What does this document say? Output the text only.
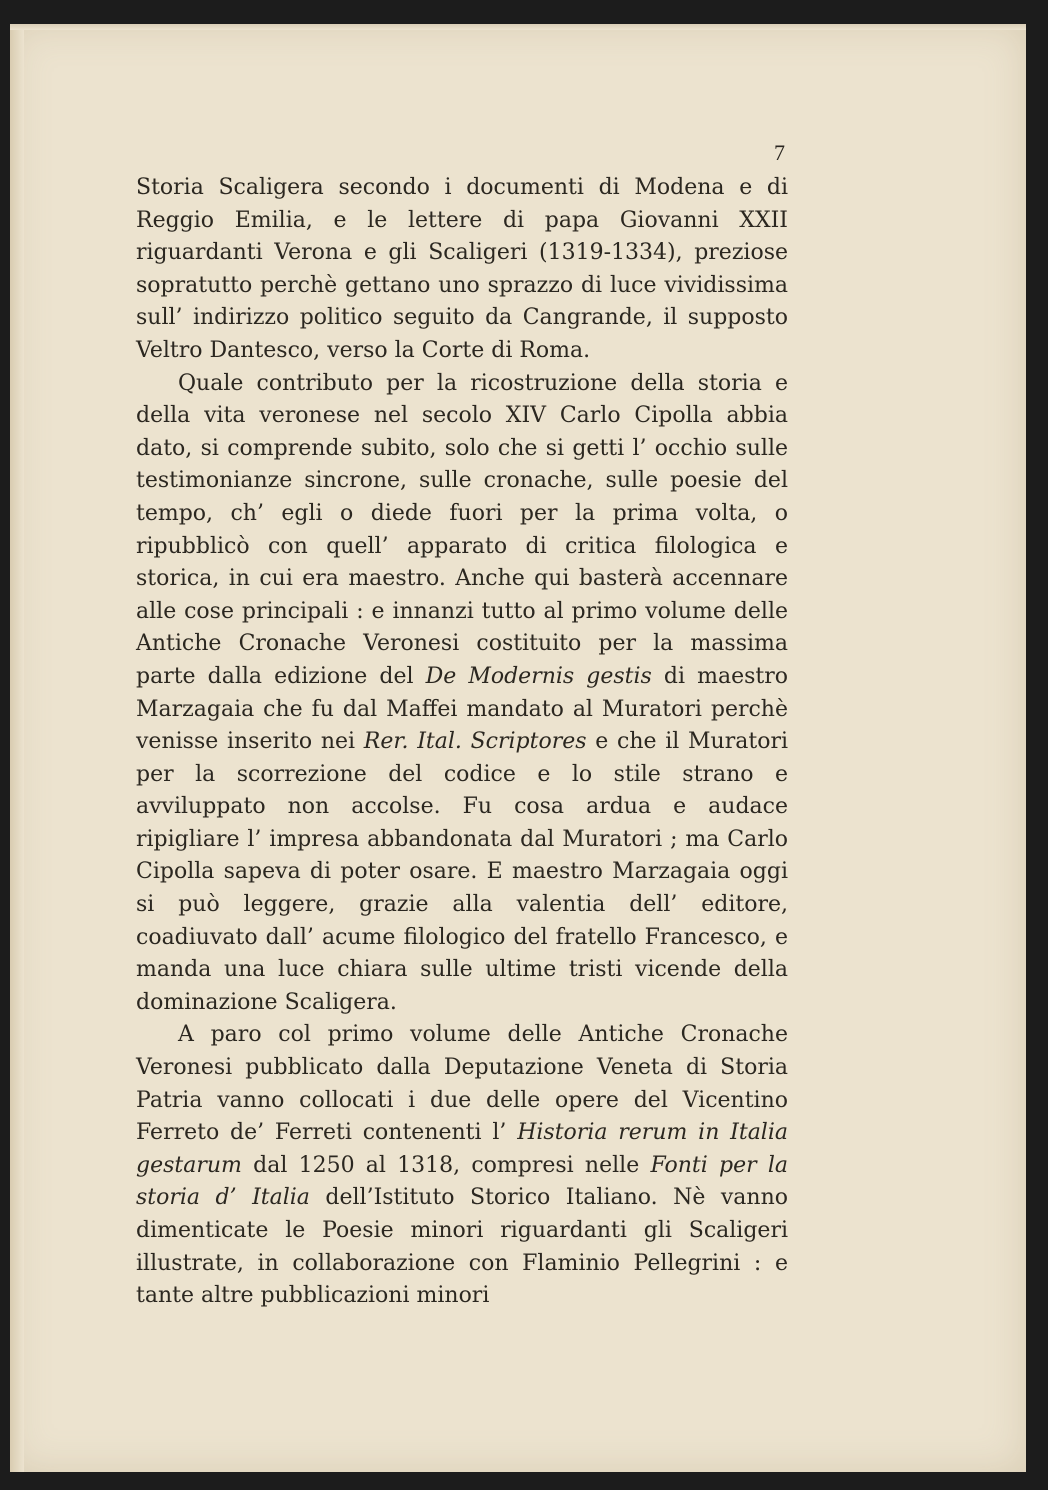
7

Storia Scaligera secondo i documenti di Modena e di Reggio Emilia, e le lettere di papa Giovanni XXII riguardanti Verona e gli Scaligeri (1319-1334), preziose sopratutto perchè gettano uno sprazzo di luce vividissima sull’ indirizzo politico seguito da Cangrande, il supposto Veltro Dantesco, verso la Corte di Roma.

Quale contributo per la ricostruzione della storia e della vita veronese nel secolo XIV Carlo Cipolla abbia dato, si comprende subito, solo che si getti l’ occhio sulle testimonianze sincrone, sulle cronache, sulle poesie del tempo, ch’ egli o diede fuori per la prima volta, o ripubblicò con quell’ apparato di critica filologica e storica, in cui era maestro. Anche qui basterà accennare alle cose principali : e innanzi tutto al primo volume delle Antiche Cronache Veronesi costituito per la massima parte dalla edizione del De Modernis gestis di maestro Marzagaia che fu dal Maffei mandato al Muratori perchè venisse inserito nei Rer. Ital. Scriptores e che il Muratori per la scorrezione del codice e lo stile strano e avviluppato non accolse. Fu cosa ardua e audace ripigliare l’ impresa abbandonata dal Muratori ; ma Carlo Cipolla sapeva di poter osare. E maestro Marzagaia oggi si può leggere, grazie alla valentia dell’ editore, coadiuvato dall’ acume filologico del fratello Francesco, e manda una luce chiara sulle ultime tristi vicende della dominazione Scaligera.

A paro col primo volume delle Antiche Cronache Veronesi pubblicato dalla Deputazione Veneta di Storia Patria vanno collocati i due delle opere del Vicentino Ferreto de’ Ferreti contenenti l’ Historia rerum in Italia gestarum dal 1250 al 1318, compresi nelle Fonti per la storia d’ Italia dell’Istituto Storico Italiano. Nè vanno dimenticate le Poesie minori riguardanti gli Scaligeri illustrate, in collaborazione con Flaminio Pellegrini : e tante altre pubblicazioni minori
